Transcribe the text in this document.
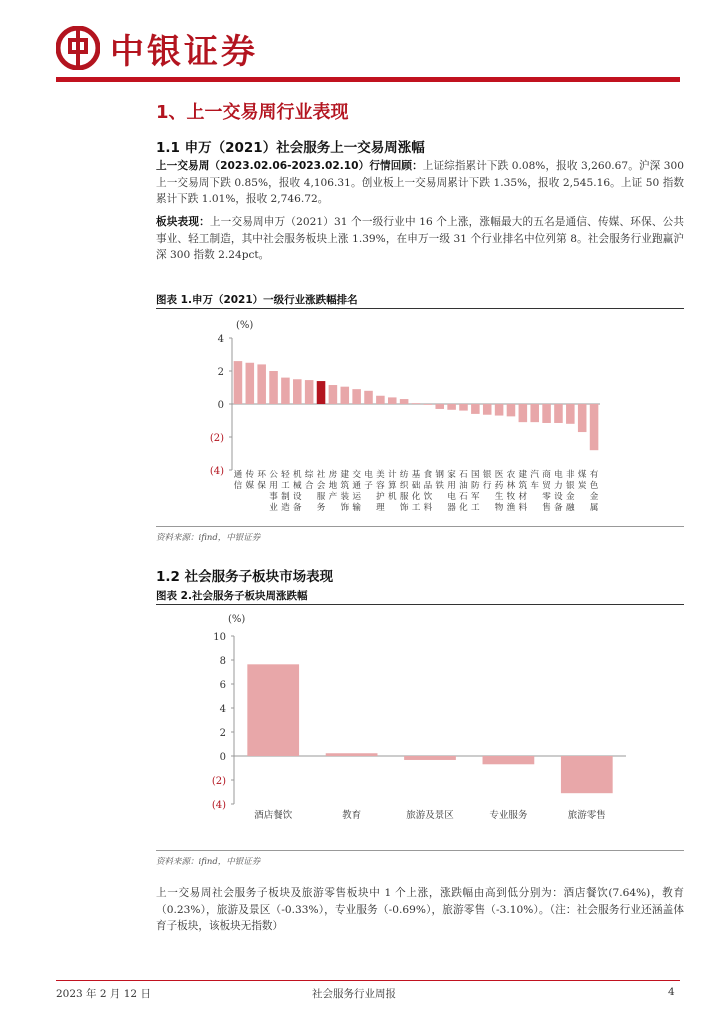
中银证券
1、上一交易周行业表现
1.1 申万（2021）社会服务上一交易周涨幅
上一交易周（2023.02.06-2023.02.10）行情回顾：上证综指累计下跌 0.08%，报收 3,260.67。沪深 300 上一交易周下跌 0.85%，报收 4,106.31。创业板上一交易周累计下跌 1.35%，报收 2,545.16。上证 50 指数累计下跌 1.01%，报收 2,746.72。
板块表现：上一交易周申万（2021）31 个一级行业中 16 个上涨，涨幅最大的五名是通信、传媒、环保、公共事业、轻工制造，其中社会服务板块上涨 1.39%，在申万一级 31 个行业排名中位列第 8。社会服务行业跑赢沪深 300 指数 2.24pct。
图表 1.申万（2021）一级行业涨跌幅排名
(%)
4
2
0
(2)
(4) 通信
传媒
环保
公用事业
轻工制造
机械设备
综合
社会服务
房地产
建筑装饰
交通运输
电子
美容护理
计算机
纺织服饰
基础化工
食品饮料
钢铁
家用电器
石油石化
国防军工
银行
医药生物
农林牧渔
建筑材料
汽车
商贸零售
电力设备
非银金融
煤炭
有色金属
资料来源：ifind，中银证券
1.2 社会服务子板块市场表现
图表 2.社会服务子板块周涨跌幅
(%)
10
8
6
4
2
0
(2)
(4)
酒店餐饮	教育	旅游及景区	专业服务	旅游零售
资料来源：ifind，中银证券
上一交易周社会服务子板块及旅游零售板块中 1 个上涨，涨跌幅由高到低分别为：酒店餐饮(7.64%)，教育（0.23%），旅游及景区（-0.33%），专业服务（-0.69%），旅游零售（-3.10%）。（注：社会服务行业还涵盖体育子板块，该板块无指数）
2023 年 2 月 12 日	社会服务行业周报	4
